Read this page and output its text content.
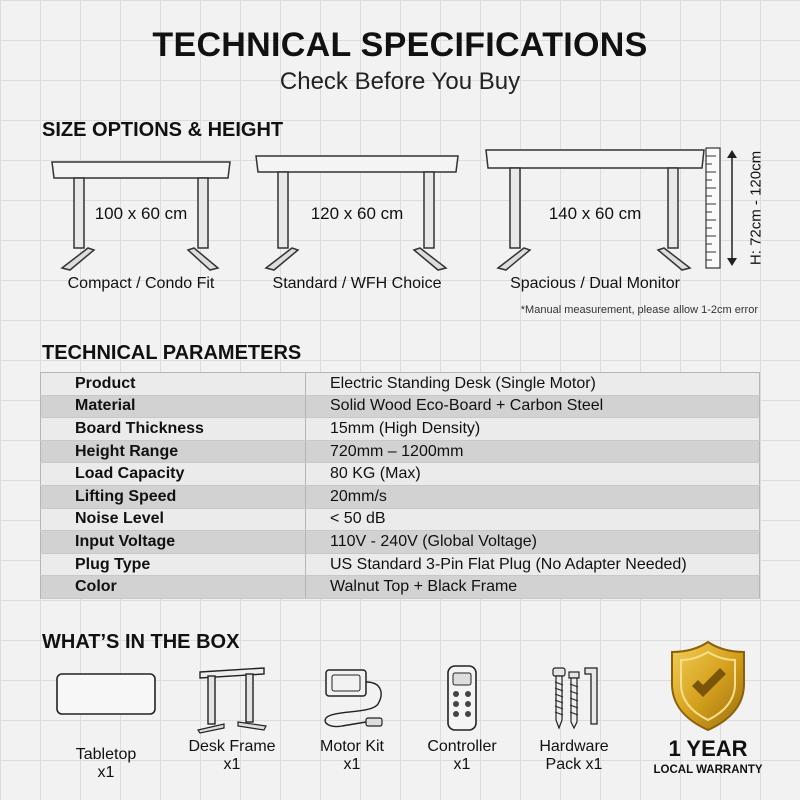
TECHNICAL SPECIFICATIONS
Check Before You Buy
SIZE OPTIONS & HEIGHT
100 x 60 cm
Compact / Condo Fit
120 x 60 cm
Standard / WFH Choice
140 x 60 cm
Spacious / Dual Monitor
H: 72cm - 120cm
*Manual measurement, please allow 1-2cm error
TECHNICAL PARAMETERS
Product	Electric Standing Desk (Single Motor)
Material	Solid Wood Eco-Board + Carbon Steel
Board Thickness	15mm (High Density)
Height Range	720mm – 1200mm
Load Capacity	80 KG (Max)
Lifting Speed	20mm/s
Noise Level	< 50 dB
Input Voltage	110V - 240V (Global Voltage)
Plug Type	US Standard 3-Pin Flat Plug (No Adapter Needed)
Color	Walnut Top + Black Frame
WHAT’S IN THE BOX
Tabletop
x1
Desk Frame
x1
Motor Kit
x1
Controller
x1
Hardware
Pack x1
1 YEAR
LOCAL WARRANTY
